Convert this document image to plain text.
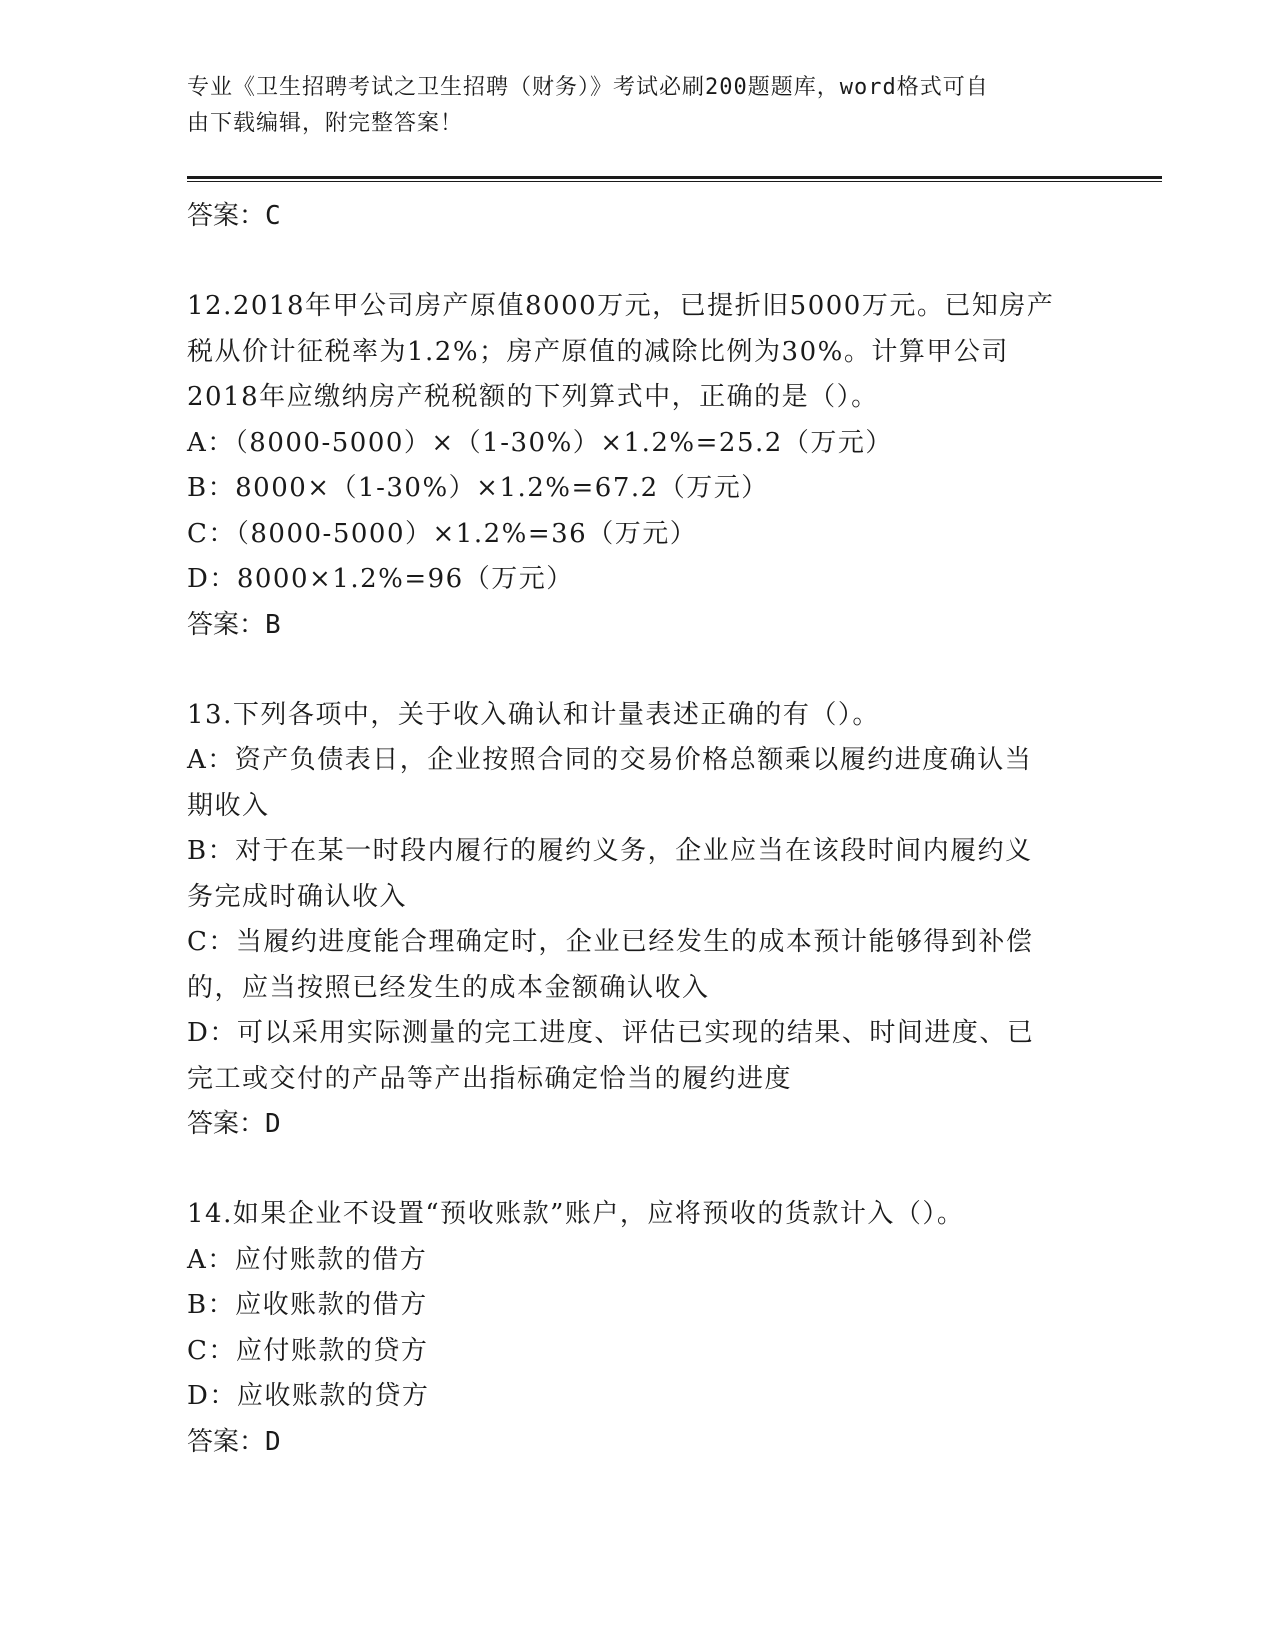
专业《卫生招聘考试之卫生招聘（财务）》考试必刷200题题库，word格式可自
由下载编辑，附完整答案！
答案：C
12.2018年甲公司房产原值8000万元，已提折旧5000万元。已知房产
税从价计征税率为1.2%；房产原值的减除比例为30%。计算甲公司
2018年应缴纳房产税税额的下列算式中，正确的是（）。
A：（8000-5000）×（1-30%）×1.2%=25.2（万元）
B：8000×（1-30%）×1.2%=67.2（万元）
C：（8000-5000）×1.2%=36（万元）
D：8000×1.2%=96（万元）
答案：B
13.下列各项中，关于收入确认和计量表述正确的有（）。
A：资产负债表日，企业按照合同的交易价格总额乘以履约进度确认当
期收入
B：对于在某一时段内履行的履约义务，企业应当在该段时间内履约义
务完成时确认收入
C：当履约进度能合理确定时，企业已经发生的成本预计能够得到补偿
的，应当按照已经发生的成本金额确认收入
D：可以采用实际测量的完工进度、评估已实现的结果、时间进度、已
完工或交付的产品等产出指标确定恰当的履约进度
答案：D
14.如果企业不设置“预收账款”账户，应将预收的货款计入（）。
A：应付账款的借方
B：应收账款的借方
C：应付账款的贷方
D：应收账款的贷方
答案：D
